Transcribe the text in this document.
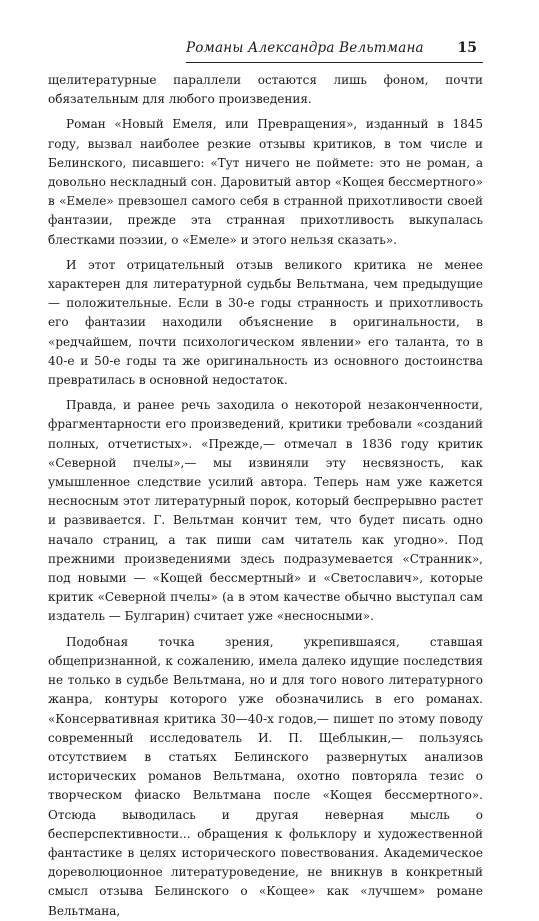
Романы Александра Вельтмана 15

щелитературные параллели остаются лишь фоном, почти обязательным для любого произведения.

Роман «Новый Емеля, или Превращения», изданный в 1845 году, вызвал наиболее резкие отзывы критиков, в том числе и Белинского, писавшего: «Тут ничего не поймете: это не роман, а довольно нескладный сон. Даровитый автор «Кощея бессмертного» в «Емеле» превзошел самого себя в странной прихотливости своей фантазии, прежде эта странная прихотливость выкупалась блестками поэзии, о «Емеле» и этого нельзя сказать».

И этот отрицательный отзыв великого критика не менее характерен для литературной судьбы Вельтмана, чем предыдущие — положительные. Если в 30-е годы странность и прихотливость его фантазии находили объяснение в оригинальности, в «редчайшем, почти психологическом явлении» его таланта, то в 40-е и 50-е годы та же оригинальность из основного достоинства превратилась в основной недостаток.

Правда, и ранее речь заходила о некоторой незаконченности, фрагментарности его произведений, критики требовали «созданий полных, отчетистых». «Прежде,— отмечал в 1836 году критик «Северной пчелы»,— мы извиняли эту несвязность, как умышленное следствие усилий автора. Теперь нам уже кажется несносным этот литературный порок, который беспрерывно растет и развивается. Г. Вельтман кончит тем, что будет писать одно начало страниц, а так пиши сам читатель как угодно». Под прежними произведениями здесь подразумевается «Странник», под новыми — «Кощей бессмертный» и «Светославич», которые критик «Северной пчелы» (а в этом качестве обычно выступал сам издатель — Булгарин) считает уже «несносными».

Подобная точка зрения, укрепившаяся, ставшая общепризнанной, к сожалению, имела далеко идущие последствия не только в судьбе Вельтмана, но и для того нового литературного жанра, контуры которого уже обозначились в его романах. «Консервативная критика 30—40-х годов,— пишет по этому поводу современный исследователь И. П. Щеблыкин,— пользуясь отсутствием в статьях Белинского развернутых анализов исторических романов Вельтмана, охотно повторяла тезис о творческом фиаско Вельтмана после «Кощея бессмертного». Отсюда выводилась и другая неверная мысль о бесперспективности... обращения к фольклору и художественной фантастике в целях исторического повествования. Академическое дореволюционное литературоведение, не вникнув в конкретный смысл отзыва Белинского о «Кощее» как «лучшем» романе Вельтмана,
